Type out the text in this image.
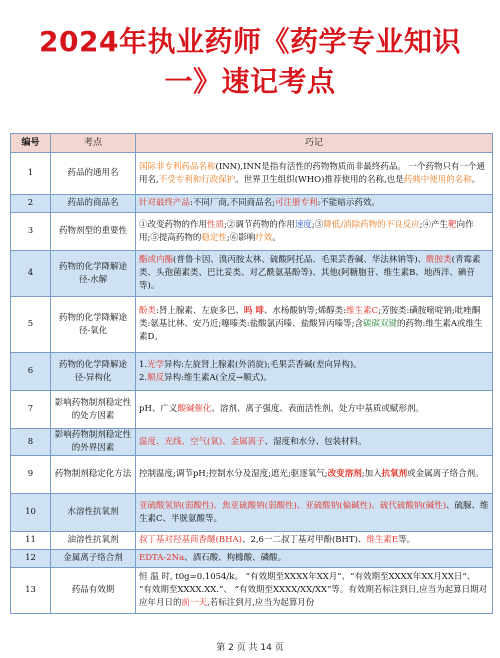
2024年执业药师《药学专业知识
一》速记考点
编号	考点	巧记
1	药品的通用名	国际非专利药品名称(INN),INN是指有活性的药物物质而非最终药品。 一个药物只有一个通用名,不受专利和行政保护。世界卫生组织(WHO)推荐使用的名称,也是药典中使用的名称。
2	药品的商品名	针对最终产品:不同厂商,不同商品名;可注册专利:不能暗示药效。
3	药物剂型的重要性	①改变药物的作用性质;②调节药物的作用速度;③降低/消除药物的不良反应;④产生靶向作用;⑤提高药物的稳定性;⑥影响疗效。
4	药物的化学降解途径-水解	酯或内酯(普鲁卡因、溴丙胺太林、硫酸阿托品、毛果芸香碱、华法林钠等)、酰胺类(青霉素类、头孢菌素类、巴比妥类、对乙酰氨基酚等)、其他(阿糖胞苷、维生素B、地西泮、碘苷等)。
5	药物的化学降解途径-氧化	酚类:肾上腺素、左旋多巴、吗 啡、水杨酸钠等;烯醇类:维生素C;芳胺类:磺胺嘧啶钠;吡唑酮类:氨基比林、安乃近;噻嗪类:盐酸氯丙嗪、盐酸异丙嗪等;含碳碳双键的药物:维生素A或维生素D。
6	药物的化学降解途径-异构化	1.光学异构:左旋肾上腺素(外消旋);毛果芸香碱(差向异构)。
2.顺反异构:维生素A(全反→顺式)。
7	影响药物制剂稳定性的处方因素	pH、广义酸碱催化、溶剂、离子强度、表面活性剂、处方中基质或赋形剂。
8	影响药物制剂稳定性的外界因素	温度、光线、空气(氧)、金属离子、湿度和水分、包装材料。
9	药物制剂稳定化方法	控制温度;调节pH;控制水分及湿度;遮光;驱逐氧气;改变溶剂;加入抗氧剂或金属离子络合剂。
10	水溶性抗氧剂	亚硫酸氢钠(弱酸性)、焦亚硫酸钠(弱酸性)、亚硫酸钠(偏碱性)、硫代硫酸钠(碱性)、硫脲、维生素C、半胱氨酸等。
11	油溶性抗氧剂	叔丁基对羟基茴香醚(BHA)、2,6一二叔丁基对甲酚(BHT)、维生素E等。
12	金属离子络合剂	EDTA-2Na、酒石酸、枸橼酸、磷酸。
13	药品有效期	恒 温 时, t0g=0.1054/k。 “有效期至XXXX年XX月”、“有效期至XXXX年XX月XX日”、 “有效期至XXXX.XX.”、 “有效期至XXXX/XX/XX”等。有效期若标注到日,应当为起算日期对应年月日的前一天,若标注到月,应当为起算月份
第 2 页 共 14 页
